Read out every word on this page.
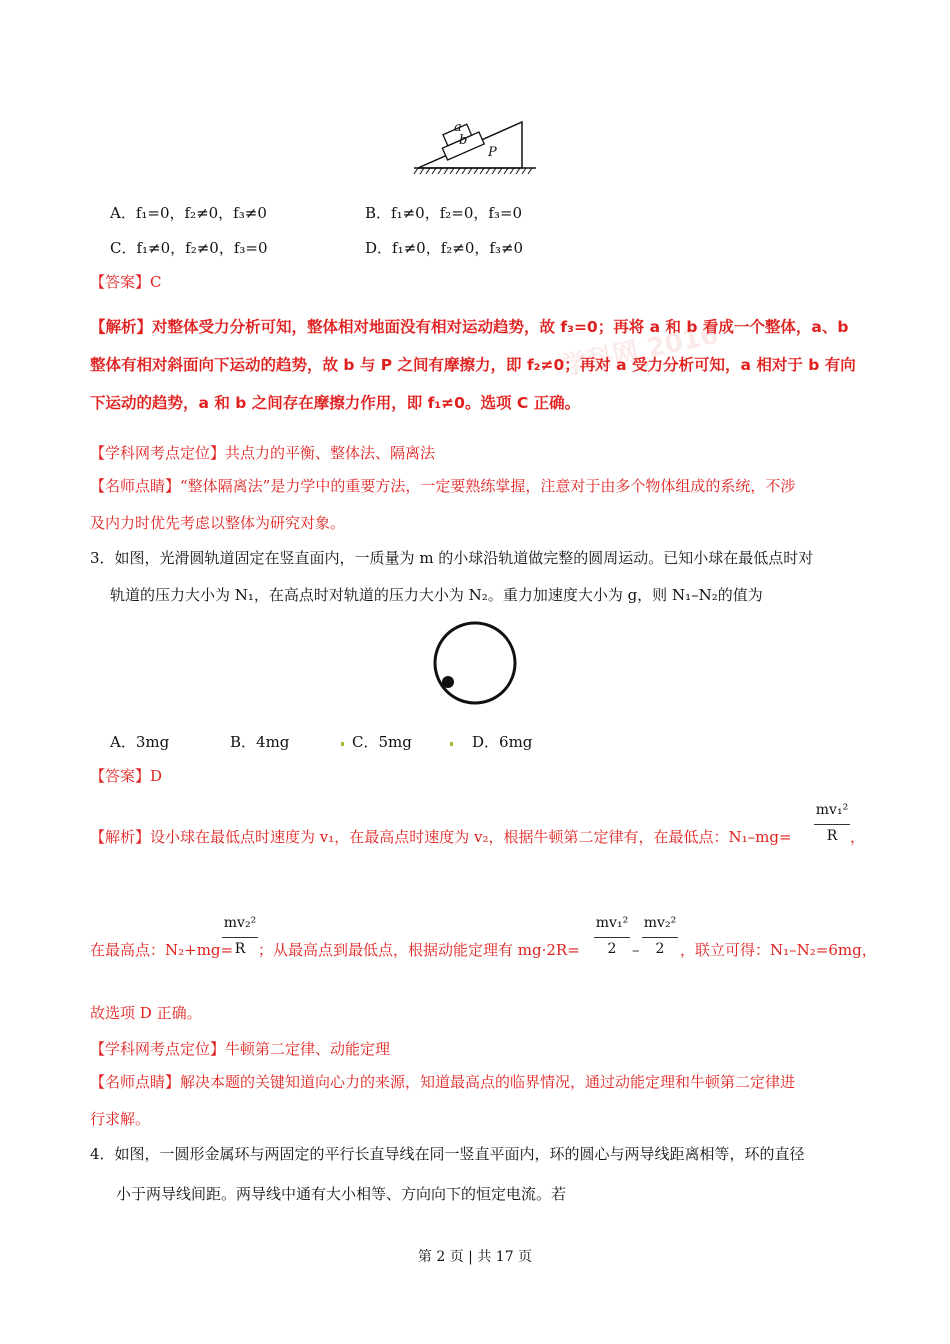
a
b
P
A．f₁=0，f₂≠0，f₃≠0	B．f₁≠0，f₂=0，f₃=0
C．f₁≠0，f₂≠0，f₃=0	D．f₁≠0，f₂≠0，f₃≠0
【答案】C
学科网 2016
【解析】对整体受力分析可知，整体相对地面没有相对运动趋势，故 f₃=0；再将 a 和 b 看成一个整体，a、b
整体有相对斜面向下运动的趋势，故 b 与 P 之间有摩擦力，即 f₂≠0；再对 a 受力分析可知，a 相对于 b 有向
下运动的趋势，a 和 b 之间存在摩擦力作用，即 f₁≠0。选项 C 正确。
【学科网考点定位】共点力的平衡、整体法、隔离法
【名师点睛】“整体隔离法”是力学中的重要方法，一定要熟练掌握，注意对于由多个物体组成的系统，不涉
及内力时优先考虑以整体为研究对象。
3．如图，光滑圆轨道固定在竖直面内，一质量为 m 的小球沿轨道做完整的圆周运动。已知小球在最低点时对
轨道的压力大小为 N₁，在高点时对轨道的压力大小为 N₂。重力加速度大小为 g，则 N₁–N₂的值为
A．3mg	B．4mg	C．5mg	D．6mg
【答案】D
【解析】设小球在最低点时速度为 v₁，在最高点时速度为 v₂，根据牛顿第二定律有，在最低点：N₁–mg=
mv₁²
R ，
在最高点：N₂+mg=
mv₂²
R ；从最高点到最低点，根据动能定理有 mg·2R=
mv₁²
2	–
mv₂²
2	，联立可得：N₁–N₂=6mg，
故选项 D 正确。
【学科网考点定位】牛顿第二定律、动能定理
【名师点睛】解决本题的关键知道向心力的来源，知道最高点的临界情况，通过动能定理和牛顿第二定律进
行求解。
4．如图，一圆形金属环与两固定的平行长直导线在同一竖直平面内，环的圆心与两导线距离相等，环的直径
小于两导线间距。两导线中通有大小相等、方向向下的恒定电流。若
第 2 页 | 共 17 页
